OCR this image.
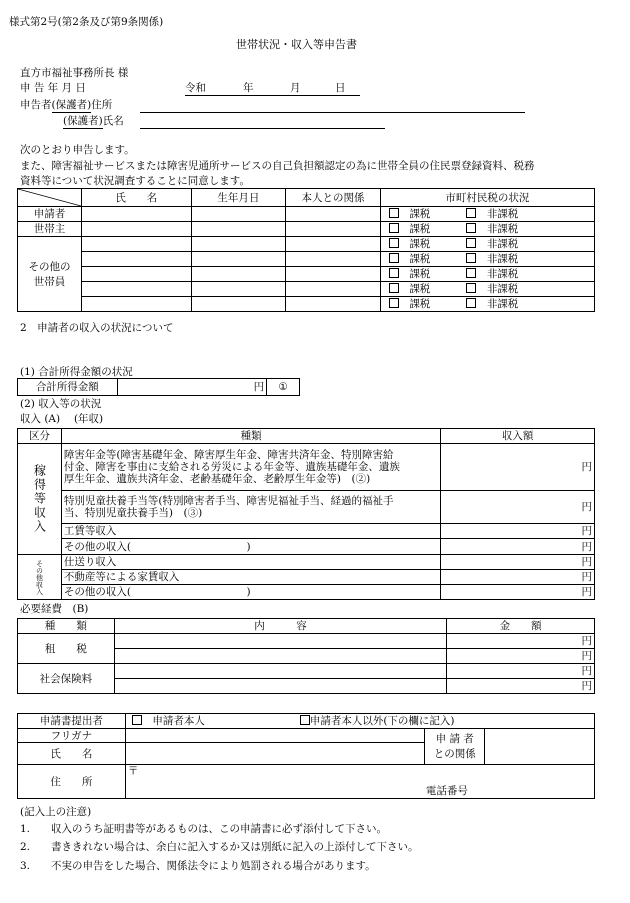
様式第2号(第2条及び第9条関係)
世帯状況・収入等申告書
直方市福祉事務所長 様
申 告 年 月 日	令和	年	月	日

申告者(保護者)住所
(保護者)氏名
次のとおり申告します。
また、障害福祉サービスまたは障害児通所サービスの自己負担額認定の為に世帯全員の住民票登録資料、税務
資料等について状況調査することに同意します。
	氏　　名	生年月日	本人との関係	市町村民税の状況
申請者				　課税　 非課税
世帯主				　課税　 非課税

その他の
世帯員
				　課税　 非課税
				　課税　 非課税
				　課税　 非課税
				　課税　 非課税
				　課税　 非課税
2　申請者の収入の状況について
(1) 合計所得金額の状況
合計所得金額	円	①
(2) 収入等の状況
収入 (A)　 (年収)
区分	種類	収入額

稼得等収入	障害年金等(障害基礎年金、障害厚生年金、障害共済年金、特別障害給
付金、障害を事由に支給される労災による年金等、遺族基礎年金、遺族
厚生年金、遺族共済年金、老齢基礎年金、老齢厚生年金等)　(②)	円

	特別児童扶養手当等(特別障害者手当、障害児福祉手当、経過的福祉手
当、特別児童扶養手当)　(③)	円
	工賃等収入	円
	その他の収入(　　　　　　　　　　　)	円

その他収入	仕送り収入	円
	不動産等による家賃収入	円
	その他の収入(　　　　　　　　　　　)	円
必要経費　(B)
種　　類	内　　　容	金　　額
租　　税		円
		円
社会保険料		円
		円
申請書提出者	　申請者本人 申請者本人以外(下の欄に記入)		
フリガナ		申 請 者
との関係	

氏　　名			
住　　所	〒
電話番号		
(記入上の注意)
1.　　収入のうち証明書等があるものは、この申請書に必ず添付して下さい。
2.　　書ききれない場合は、余白に記入するか又は別紙に記入の上添付して下さい。
3.　　不実の申告をした場合、関係法令により処罰される場合があります。
